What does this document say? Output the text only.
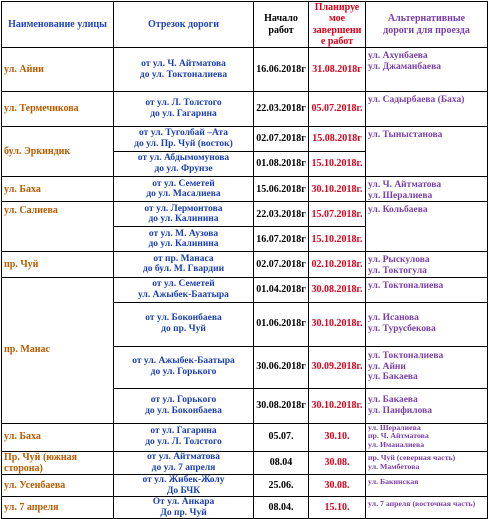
Наименование улицы	Отрезок дороги	Начало
работ	Планируе
мое
завершени
е работ	Альтернативные
дороги для проезда

ул. Айни	от ул. Ч. Айтматова
до ул. Токтоналиева	16.06.2018г	31.08.2018г	ул. Ахунбаева
ул. Джаманбаева

ул. Термечикова	от ул. Л. Толстого
до ул. Гагарина	22.03.2018г	05.07.2018г.	ул. Садырбаева (Баха)

бул. Эркиндик	от ул. Туголбай –Ата
до ул. Пр. Чуй (восток)	02.07.2018г	15.08.2018г	ул. Тыныстанова

	от ул. Абдымомунова
до ул. Фрунзе	01.08.2018г	15.10.2018г.	
ул. Баха	от ул. Семетей
до ул. Масалиева	15.06.2018г	30.10.2018г.	ул. Ч. Айтматова
ул. Шералиева

ул. Салиева	от ул. Лермонтова
до ул. Калинина	22.03.2018г	15.07.2018г.	ул. Кольбаева

	от ул. М. Аузова
до ул. Калинина	16.07.2018г	15.10.2018г.	
пр. Чуй	от пр. Манаса
до бул. М. Гвардии	02.07.2018г	02.10.2018г.	ул. Рыскулова
ул. Токтогула

пр. Манас	от ул. Семетей
ул. Ажыбек-Баатыра	01.04.2018г	30.08.2018г.	ул. Токтоналиева

	от ул. Боконбаева
до пр. Чуй	01.06.2018г	30.10.2018г.	ул. Исанова
ул. Турусбекова

	от ул. Ажыбек-Баатыра
до ул. Горького	30.06.2018г	30.09.2018г.	ул. Токтоналиева
ул. Айни
ул. Бакаева

	от ул. Горького
до ул. Боконбаева	30.08.2018г	30.10.2018г.	ул. Бакаева
ул. Панфилова

ул. Баха	от ул. Гагарина
до ул. Л. Толстого	05.07.	30.10.	ул. Шералиева
пр. Ч. Айтматова
ул. Иманалиева

Пр. Чуй (южная сторона)	от ул. Айтматова
до ул. 7 апреля	08.04	30.08.	пр. Чуй (северная часть)
ул. Мамбетова

ул. Усенбаева	от ул. Жибек-Жолу
До БЧК	25.06.	30.08.	ул. Бакинская

ул. 7 апреля	От ул. Анкара
До пр. Чуй	08.04.	15.10.	ул. 7 апреля (восточная часть)
